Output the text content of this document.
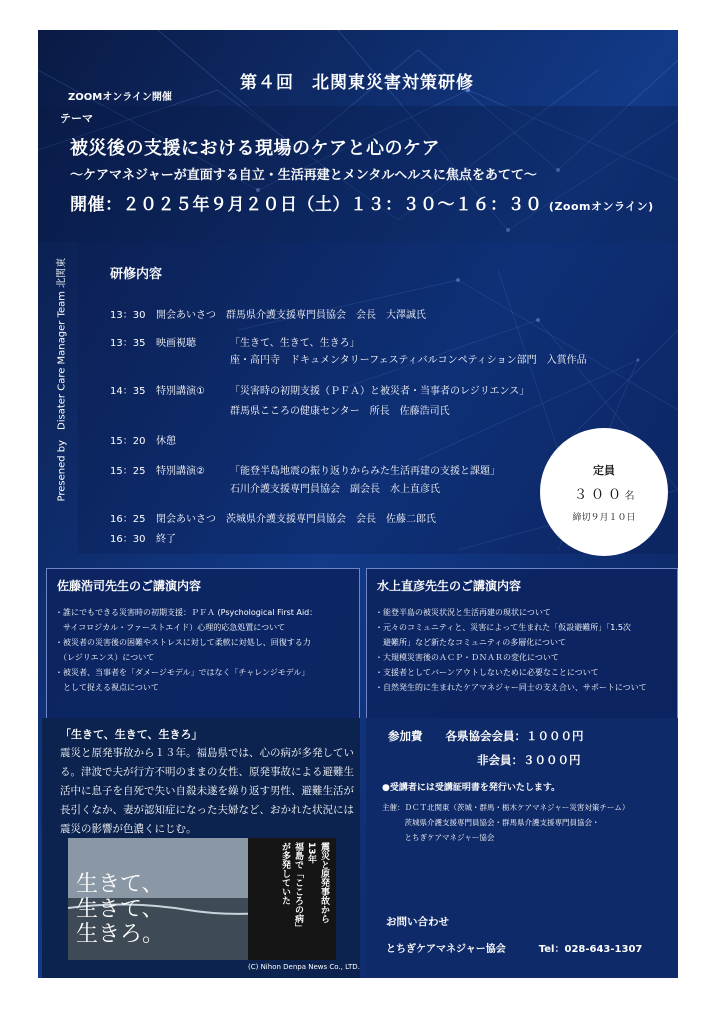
ZOOMオンライン開催
第４回　北関東災害対策研修
テーマ
被災後の支援における現場のケアと心のケア
～ケアマネジャーが直面する自立・生活再建とメンタルヘルスに焦点をあてて～
開催：２０２５年９月２０日（土）１３：３０～１６：３０ (Zoomオンライン)
Presened by　Disater Care Manager Team 北関東	研修内容
13：30 開会あいさつ　群馬県介護支援専門員協会　会長　大澤誠氏
13：35 映画視聴	「生きて、生きて、生きろ」
座・高円寺　ドキュメンタリーフェスティバルコンペティション部門　入賞作品
14：35 特別講演①	「災害時の初期支援（ＰＦＡ）と被災者・当事者のレジリエンス」
群馬県こころの健康センター　所長　佐藤浩司氏
15：20 休憩
15：25 特別講演②	「能登半島地震の振り返りからみた生活再建の支援と課題」
石川介護支援専門員協会　副会長　水上直彦氏
16：25 閉会あいさつ　茨城県介護支援専門員協会　会長　佐藤二郎氏
16：30 終了
定員
３００名
締切９月１０日
佐藤浩司先生のご講演内容
・誰にでもできる災害時の初期支援：ＰＦＡ (Psychological First Aid：
　サイコロジカル・ファーストエイド）心理的応急処置について
・被災者の災害後の困難やストレスに対して柔軟に対処し、回復する力
　（レジリエンス）について
・被災者、当事者を「ダメージモデル」ではなく「チャレンジモデル」
　として捉える視点について
水上直彦先生のご講演内容
・能登半島の被災状況と生活再建の現状について
・元々のコミュニティと、災害によって生まれた「仮設避難所」「1.5次
　避難所」など新たなコミュニティの多層化について
・大規模災害後のＡＣＰ・ＤＮＡＲの変化について
・支援者としてバーンアウトしないために必要なことについて
・自然発生的に生まれたケアマネジャー同士の支え合い、サポートについて
「生きて、生きて、生きろ」
震災と原発事故から１３年。福島県では、心の病が多発している。津波で夫が行方不明のままの女性、原発事故による避難生活中に息子を自死で失い自殺未遂を繰り返す男性、避難生活が長引くなか、妻が認知症になった夫婦など、おかれた状況には震災の影響が色濃くにじむ。
生きて、
生きて、
生きろ。
震災と原発事故から
13年
福島で「こころの病」
が多発していた
(C) Nihon Denpa News Co., LTD.
参加費　　各県協会会員：１０００円
非会員：３０００円
●受講者には受講証明書を発行いたします。
主催：ＤＣＴ北関東（茨城・群馬・栃木ケアマネジャー災害対策チーム）
　　　茨城県介護支援専門員協会・群馬県介護支援専門員協会・
　　　とちぎケアマネジャー協会
お問い合わせ
とちぎケアマネジャー協会	Tel：028-643-1307
